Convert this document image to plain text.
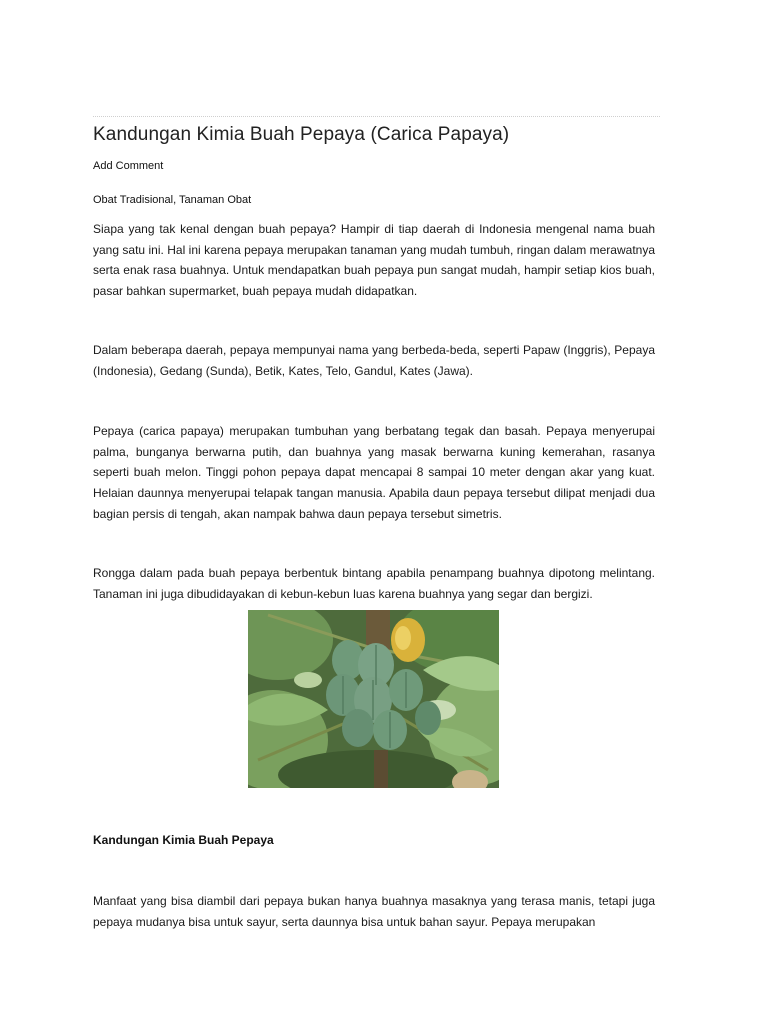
Kandungan Kimia Buah Pepaya (Carica Papaya)
Add Comment
Obat Tradisional, Tanaman Obat

Siapa yang tak kenal dengan buah pepaya? Hampir di tiap daerah di Indonesia mengenal nama buah yang satu ini. Hal ini karena pepaya merupakan tanaman yang mudah tumbuh, ringan dalam merawatnya serta enak rasa buahnya. Untuk mendapatkan buah pepaya pun sangat mudah, hampir setiap kios buah, pasar bahkan supermarket, buah pepaya mudah didapatkan.

Dalam beberapa daerah, pepaya mempunyai nama yang berbeda-beda, seperti Papaw (Inggris), Pepaya (Indonesia), Gedang (Sunda), Betik, Kates, Telo, Gandul, Kates (Jawa).

Pepaya (carica papaya) merupakan tumbuhan yang berbatang tegak dan basah. Pepaya menyerupai palma, bunganya berwarna putih, dan buahnya yang masak berwarna kuning kemerahan, rasanya seperti buah melon. Tinggi pohon pepaya dapat mencapai 8 sampai 10 meter dengan akar yang kuat. Helaian daunnya menyerupai telapak tangan manusia. Apabila daun pepaya tersebut dilipat menjadi dua bagian persis di tengah, akan nampak bahwa daun pepaya tersebut simetris.

Rongga dalam pada buah pepaya berbentuk bintang apabila penampang buahnya dipotong melintang. Tanaman ini juga dibudidayakan di kebun-kebun luas karena buahnya yang segar dan bergizi.

Kandungan Kimia Buah Pepaya

Manfaat yang bisa diambil dari pepaya bukan hanya buahnya masaknya yang terasa manis, tetapi juga pepaya mudanya bisa untuk sayur, serta daunnya bisa untuk bahan sayur. Pepaya merupakan
